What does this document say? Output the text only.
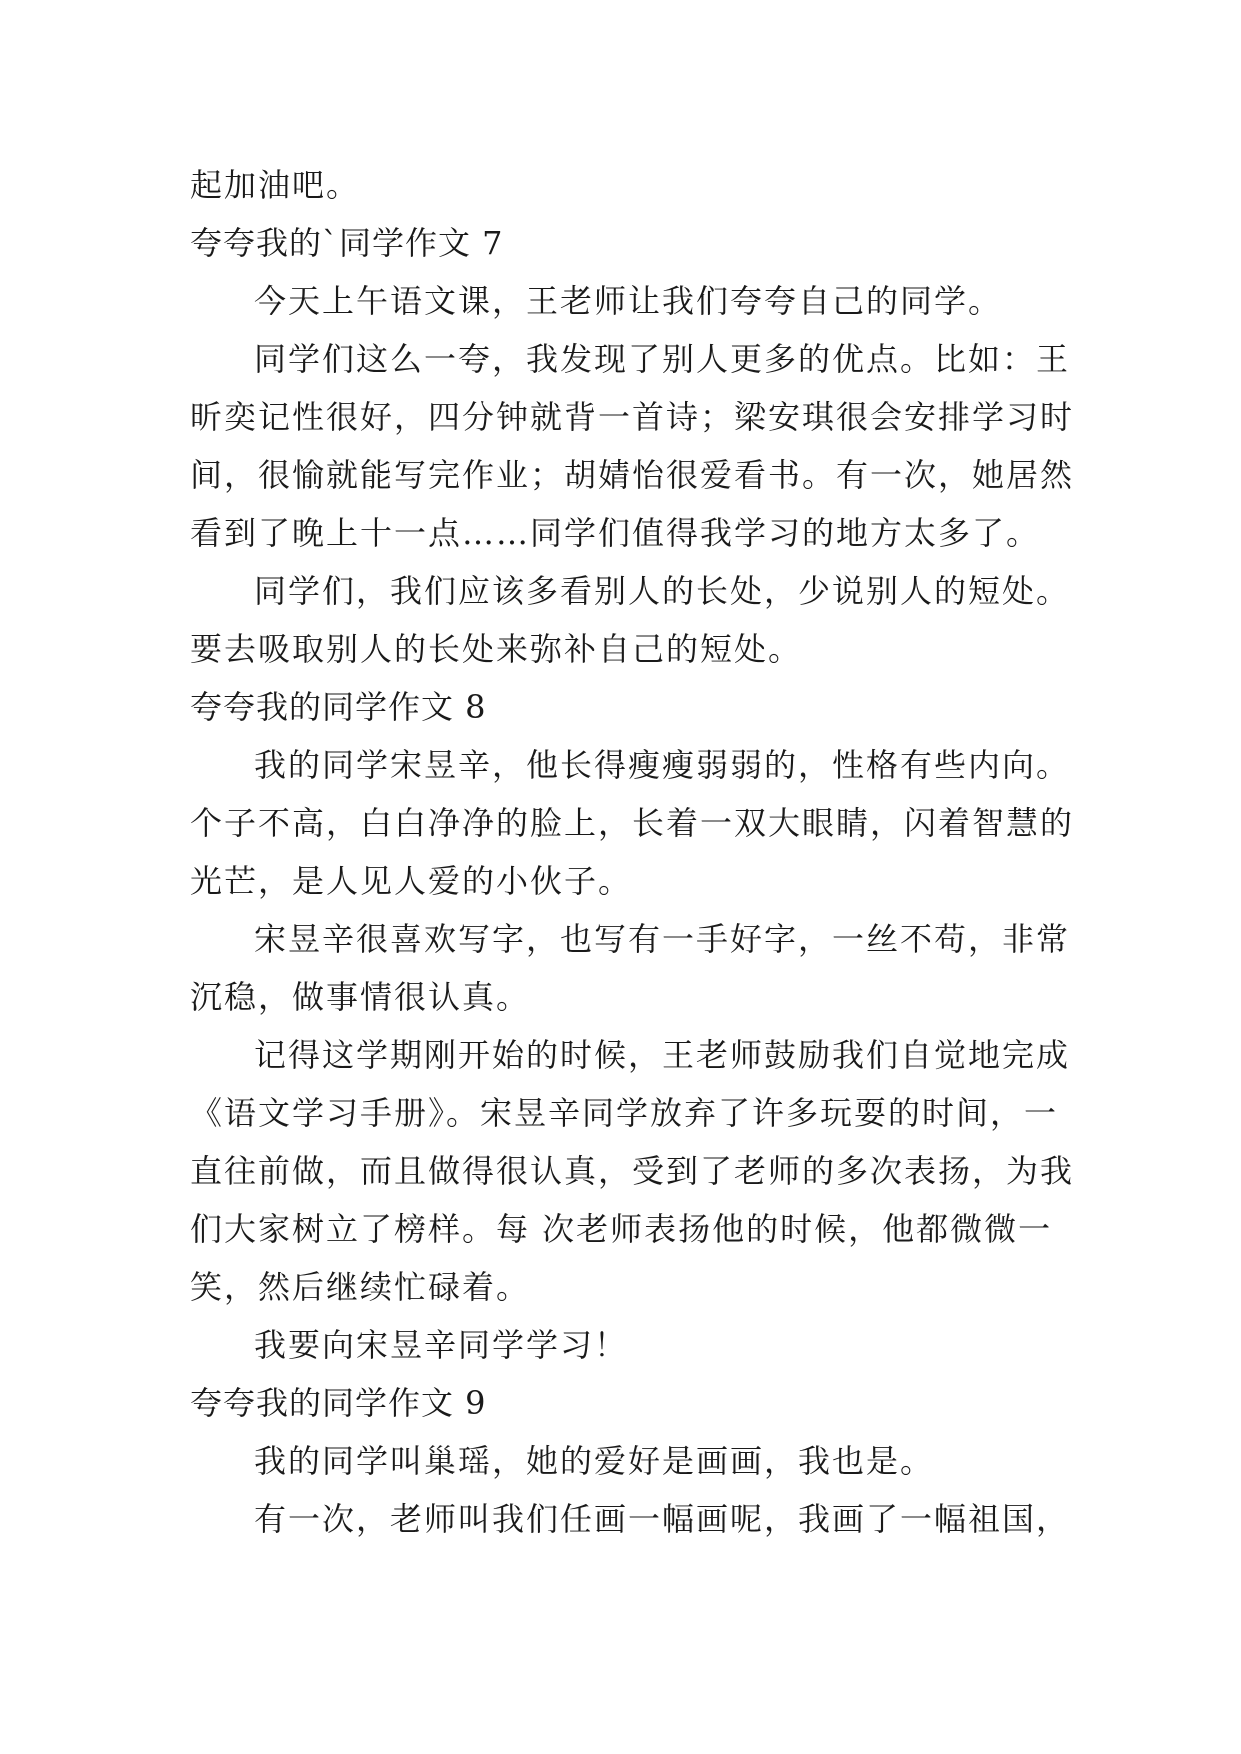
起加油吧。
夸夸我的`同学作文 7
今天上午语文课，王老师让我们夸夸自己的同学。
同学们这么一夸，我发现了别人更多的优点。比如：王
昕奕记性很好，四分钟就背一首诗；梁安琪很会安排学习时
间，很愉就能写完作业；胡婧怡很爱看书。有一次，她居然
看到了晚上十一点……同学们值得我学习的地方太多了。
同学们，我们应该多看别人的长处，少说别人的短处。
要去吸取别人的长处来弥补自己的短处。
夸夸我的同学作文 8
我的同学宋昱辛，他长得瘦瘦弱弱的，性格有些内向。
个子不高，白白净净的脸上，长着一双大眼睛，闪着智慧的
光芒，是人见人爱的小伙子。
宋昱辛很喜欢写字，也写有一手好字，一丝不苟，非常
沉稳，做事情很认真。
记得这学期刚开始的时候，王老师鼓励我们自觉地完成
《语文学习手册》。宋昱辛同学放弃了许多玩耍的时间，一
直往前做，而且做得很认真，受到了老师的多次表扬，为我
们大家树立了榜样。每 次老师表扬他的时候，他都微微一
笑，然后继续忙碌着。
我要向宋昱辛同学学习！
夸夸我的同学作文 9
我的同学叫巢瑶，她的爱好是画画，我也是。
有一次，老师叫我们任画一幅画呢，我画了一幅祖国，
